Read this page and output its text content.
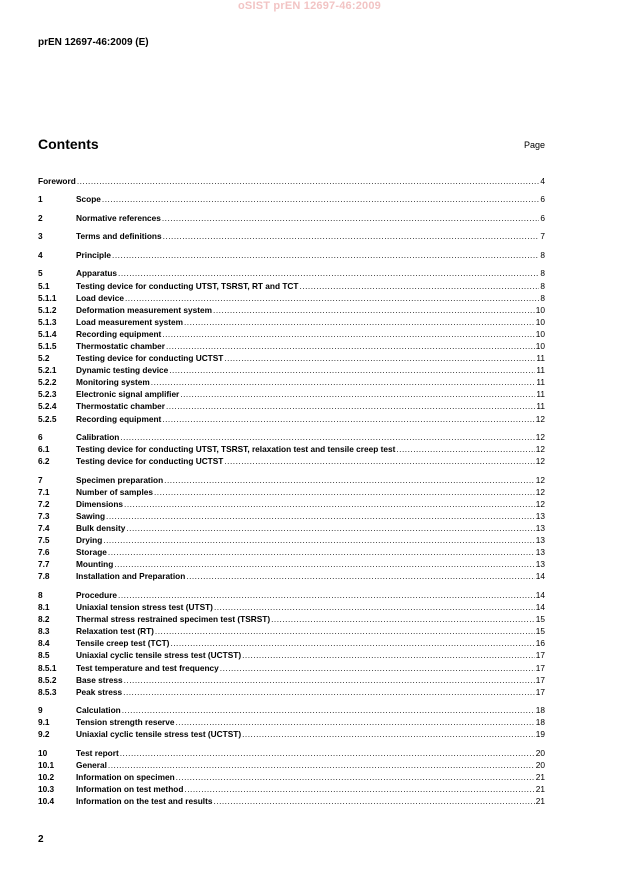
oSIST prEN 12697-46:2009
prEN 12697-46:2009 (E)
Contents	Page
Foreword .....	4
1	Scope .....	6
2	Normative references .....	6
3	Terms and definitions .....	7
4	Principle .....	8
5	Apparatus .....	8
5.1	Testing device for conducting UTST, TSRST, RT and TCT .....	8
5.1.1	Load device .....	8
5.1.2	Deformation measurement system .....	10
5.1.3	Load measurement system .....	10
5.1.4	Recording equipment .....	10
5.1.5	Thermostatic chamber .....	10
5.2	Testing device for conducting UCTST .....	11
5.2.1	Dynamic testing device .....	11
5.2.2	Monitoring system .....	11
5.2.3	Electronic signal amplifier .....	11
5.2.4	Thermostatic chamber .....	11
5.2.5	Recording equipment .....	12
6	Calibration .....	12
6.1	Testing device for conducting UTST, TSRST, relaxation test and tensile creep test .....	12
6.2	Testing device for conducting UCTST .....	12
7	Specimen preparation .....	12
7.1	Number of samples .....	12
7.2	Dimensions .....	12
7.3	Sawing .....	13
7.4	Bulk density .....	13
7.5	Drying .....	13
7.6	Storage .....	13
7.7	Mounting .....	13
7.8	Installation and Preparation .....	14
8	Procedure .....	14
8.1	Uniaxial tension stress test (UTST) .....	14
8.2	Thermal stress restrained specimen test (TSRST) .....	15
8.3	Relaxation test (RT) .....	15
8.4	Tensile creep test (TCT) .....	16
8.5	Uniaxial cyclic tensile stress test (UCTST) .....	17
8.5.1	Test temperature and test frequency .....	17
8.5.2	Base stress .....	17
8.5.3	Peak stress .....	17
9	Calculation .....	18
9.1	Tension strength reserve .....	18
9.2	Uniaxial cyclic tensile stress test (UCTST) .....	19
10	Test report .....	20
10.1	General .....	20
10.2	Information on specimen .....	21
10.3	Information on test method .....	21
10.4	Information on the test and results .....	21
2
